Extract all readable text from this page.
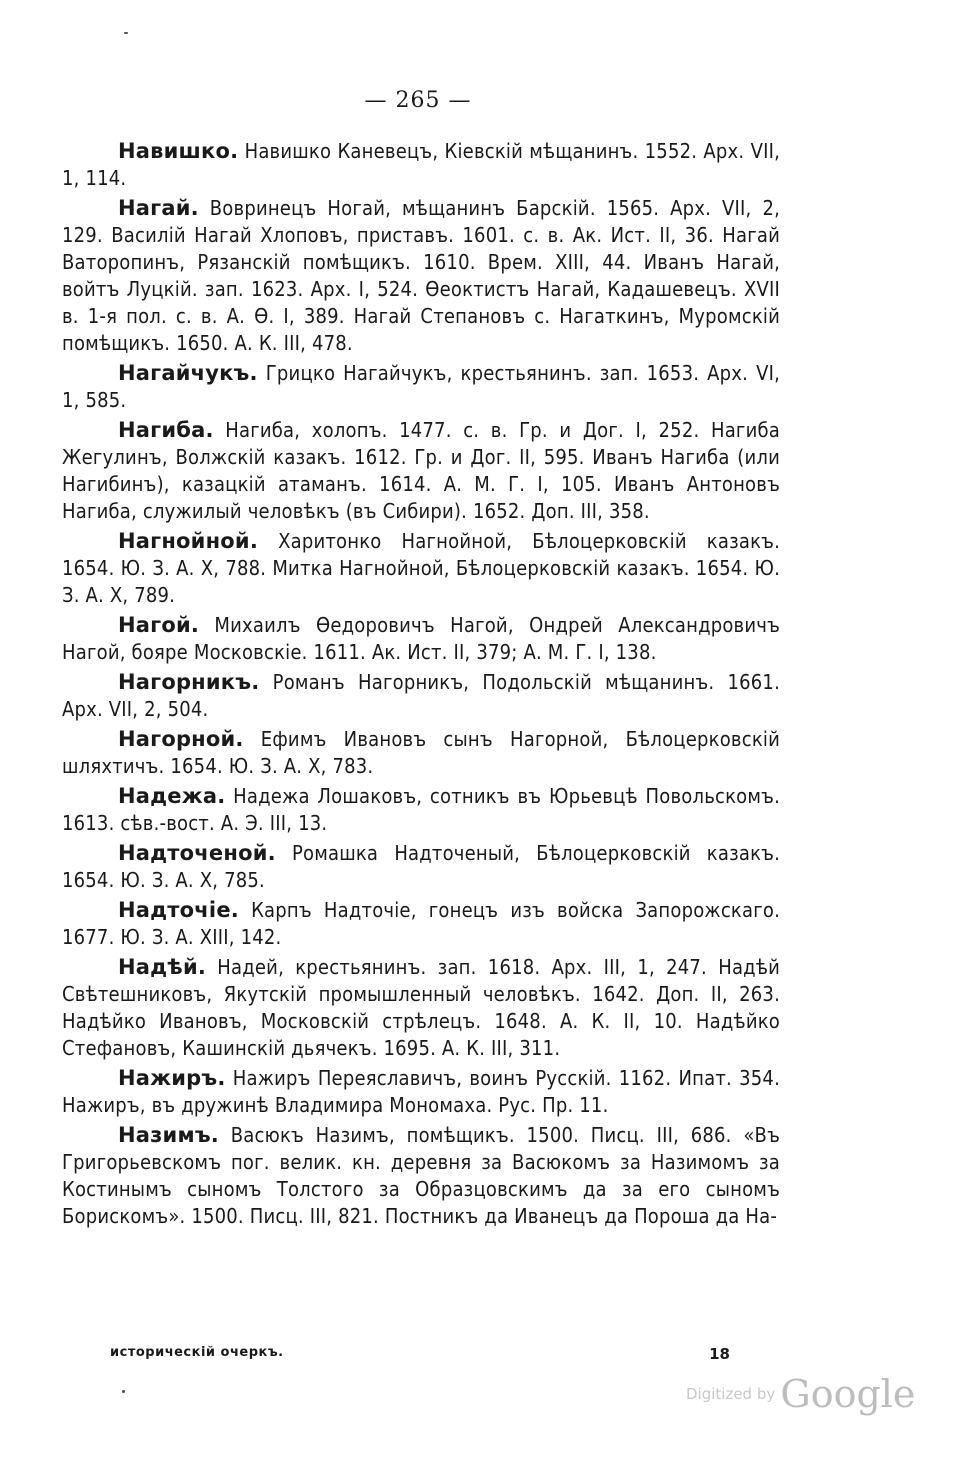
— 265 —

Навишко. Навишко Каневецъ, Кіевскій мѣщанинъ. 1552. Арх. VII, 1, 114.

Нагай. Вовринецъ Ногай, мѣщанинъ Барскій. 1565. Арх. VII, 2, 129. Василій Нагай Хлоповъ, приставъ. 1601. с. в. Ак. Ист. II, 36. Нагай Ваторопинъ, Рязанскій помѣщикъ. 1610. Врем. XIII, 44. Иванъ Нагай, войтъ Луцкій. зап. 1623. Арх. I, 524. Ѳеоктистъ Нагай, Кадашевецъ. XVII в. 1-я пол. с. в. А. Ѳ. I, 389. Нагай Степановъ с. Нагаткинъ, Муромскій помѣщикъ. 1650. А. К. III, 478.

Нагайчукъ. Грицко Нагайчукъ, крестьянинъ. зап. 1653. Арх. VI, 1, 585.

Нагиба. Нагиба, холопъ. 1477. с. в. Гр. и Дог. I, 252. Нагиба Жегулинъ, Волжскій казакъ. 1612. Гр. и Дог. II, 595. Иванъ Нагиба (или Нагибинъ), казацкій атаманъ. 1614. А. М. Г. I, 105. Иванъ Антоновъ Нагиба, служилый человѣкъ (въ Сибири). 1652. Доп. III, 358.

Нагнойной. Харитонко Нагнойной, Бѣлоцерковскій казакъ. 1654. Ю. З. А. X, 788. Митка Нагнойной, Бѣлоцерковскій казакъ. 1654. Ю. З. А. X, 789.

Нагой. Михаилъ Ѳедоровичъ Нагой, Ондрей Александровичъ Нагой, бояре Московскіе. 1611. Ак. Ист. II, 379; А. М. Г. I, 138.

Нагорникъ. Романъ Нагорникъ, Подольскій мѣщанинъ. 1661. Арх. VII, 2, 504.

Нагорной. Ефимъ Ивановъ сынъ Нагорной, Бѣлоцерковскій шляхтичъ. 1654. Ю. З. А. X, 783.

Надежа. Надежа Лошаковъ, сотникъ въ Юрьевцѣ Повольскомъ. 1613. сѣв.-вост. А. Э. III, 13.

Надточеной. Ромашка Надточеный, Бѣлоцерковскій казакъ. 1654. Ю. З. А. X, 785.

Надточіе. Карпъ Надточіе, гонецъ изъ войска Запорожскаго. 1677. Ю. З. А. XIII, 142.

Надѣй. Надей, крестьянинъ. зап. 1618. Арх. III, 1, 247. Надѣй Свѣтешниковъ, Якутскій промышленный человѣкъ. 1642. Доп. II, 263. Надѣйко Ивановъ, Московскій стрѣлецъ. 1648. А. К. II, 10. Надѣйко Стефановъ, Кашинскій дьячекъ. 1695. А. К. III, 311.

Нажиръ. Нажиръ Переяславичъ, воинъ Русскій. 1162. Ипат. 354. Нажиръ, въ дружинѣ Владимира Мономаха. Рус. Пр. 11.

Назимъ. Васюкъ Назимъ, помѣщикъ. 1500. Писц. III, 686. «Въ Григорьевскомъ пог. велик. кн. деревня за Васюкомъ за Назимомъ за Костинымъ сыномъ Толстого за Образцовскимъ да за его сыномъ Борискомъ». 1500. Писц. III, 821. Постникъ да Иванецъ да Пороша да На-

историческій очеркъ.	18
Digitized by Google
